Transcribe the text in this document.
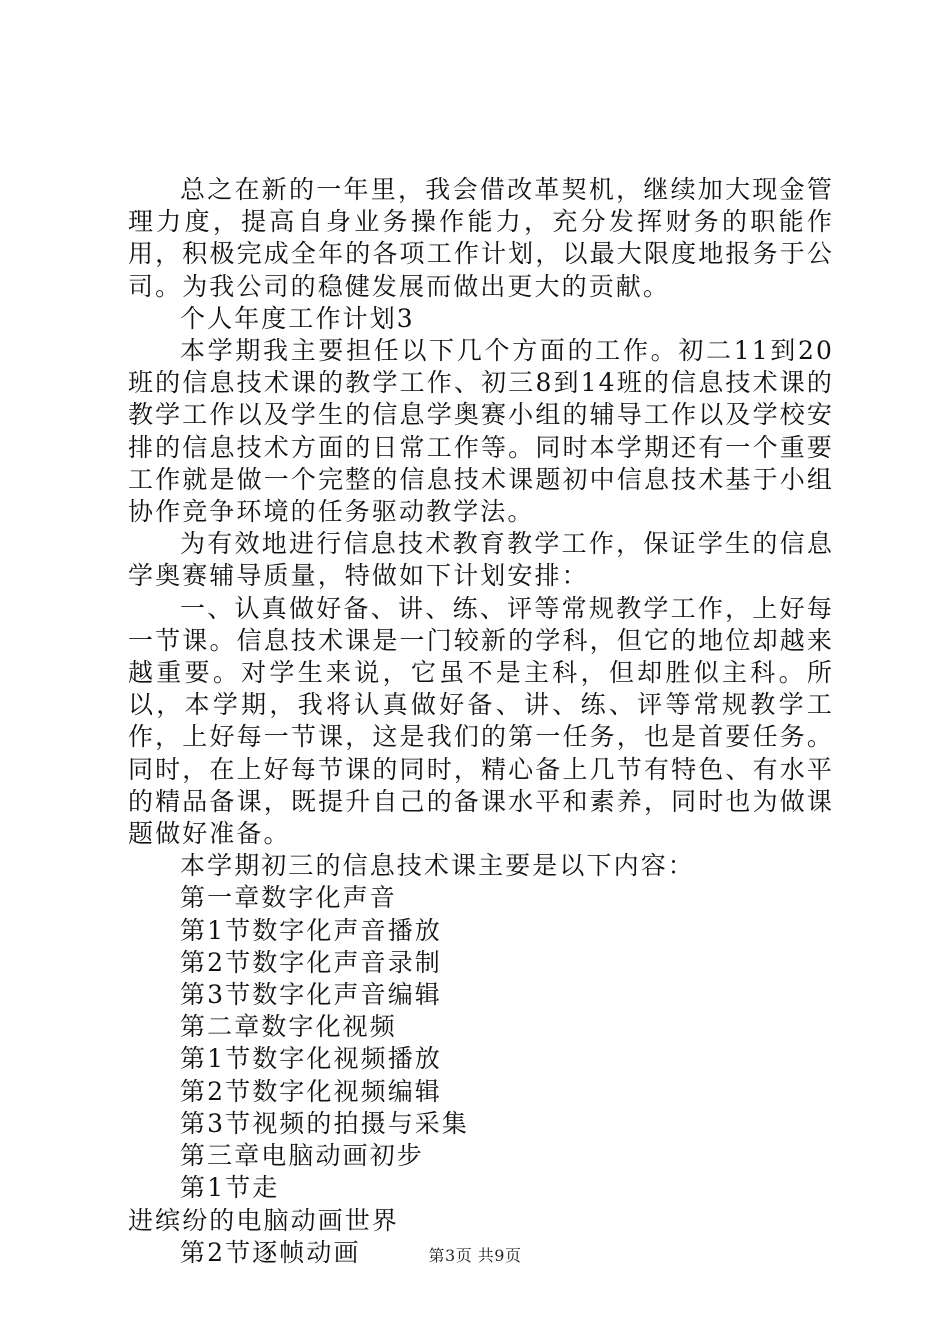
总之在新的一年里，我会借改革契机，继续加大现金管理力度，提高自身业务操作能力，充分发挥财务的职能作用，积极完成全年的各项工作计划，以最大限度地报务于公司。为我公司的稳健发展而做出更大的贡献。

个人年度工作计划3

本学期我主要担任以下几个方面的工作。初二11到20班的信息技术课的教学工作、初三8到14班的信息技术课的教学工作以及学生的信息学奥赛小组的辅导工作以及学校安排的信息技术方面的日常工作等。同时本学期还有一个重要工作就是做一个完整的信息技术课题初中信息技术基于小组协作竞争环境的任务驱动教学法。

为有效地进行信息技术教育教学工作，保证学生的信息学奥赛辅导质量，特做如下计划安排：

一、认真做好备、讲、练、评等常规教学工作，上好每一节课。信息技术课是一门较新的学科，但它的地位却越来越重要。对学生来说，它虽不是主科，但却胜似主科。所以，本学期，我将认真做好备、讲、练、评等常规教学工作，上好每一节课，这是我们的第一任务，也是首要任务。同时，在上好每节课的同时，精心备上几节有特色、有水平的精品备课，既提升自己的备课水平和素养，同时也为做课题做好准备。

本学期初三的信息技术课主要是以下内容：

第一章数字化声音

第1节数字化声音播放

第2节数字化声音录制

第3节数字化声音编辑

第二章数字化视频

第1节数字化视频播放

第2节数字化视频编辑

第3节视频的拍摄与采集

第三章电脑动画初步

第1节走

进缤纷的电脑动画世界

第2节逐帧动画	第3页 共9页
